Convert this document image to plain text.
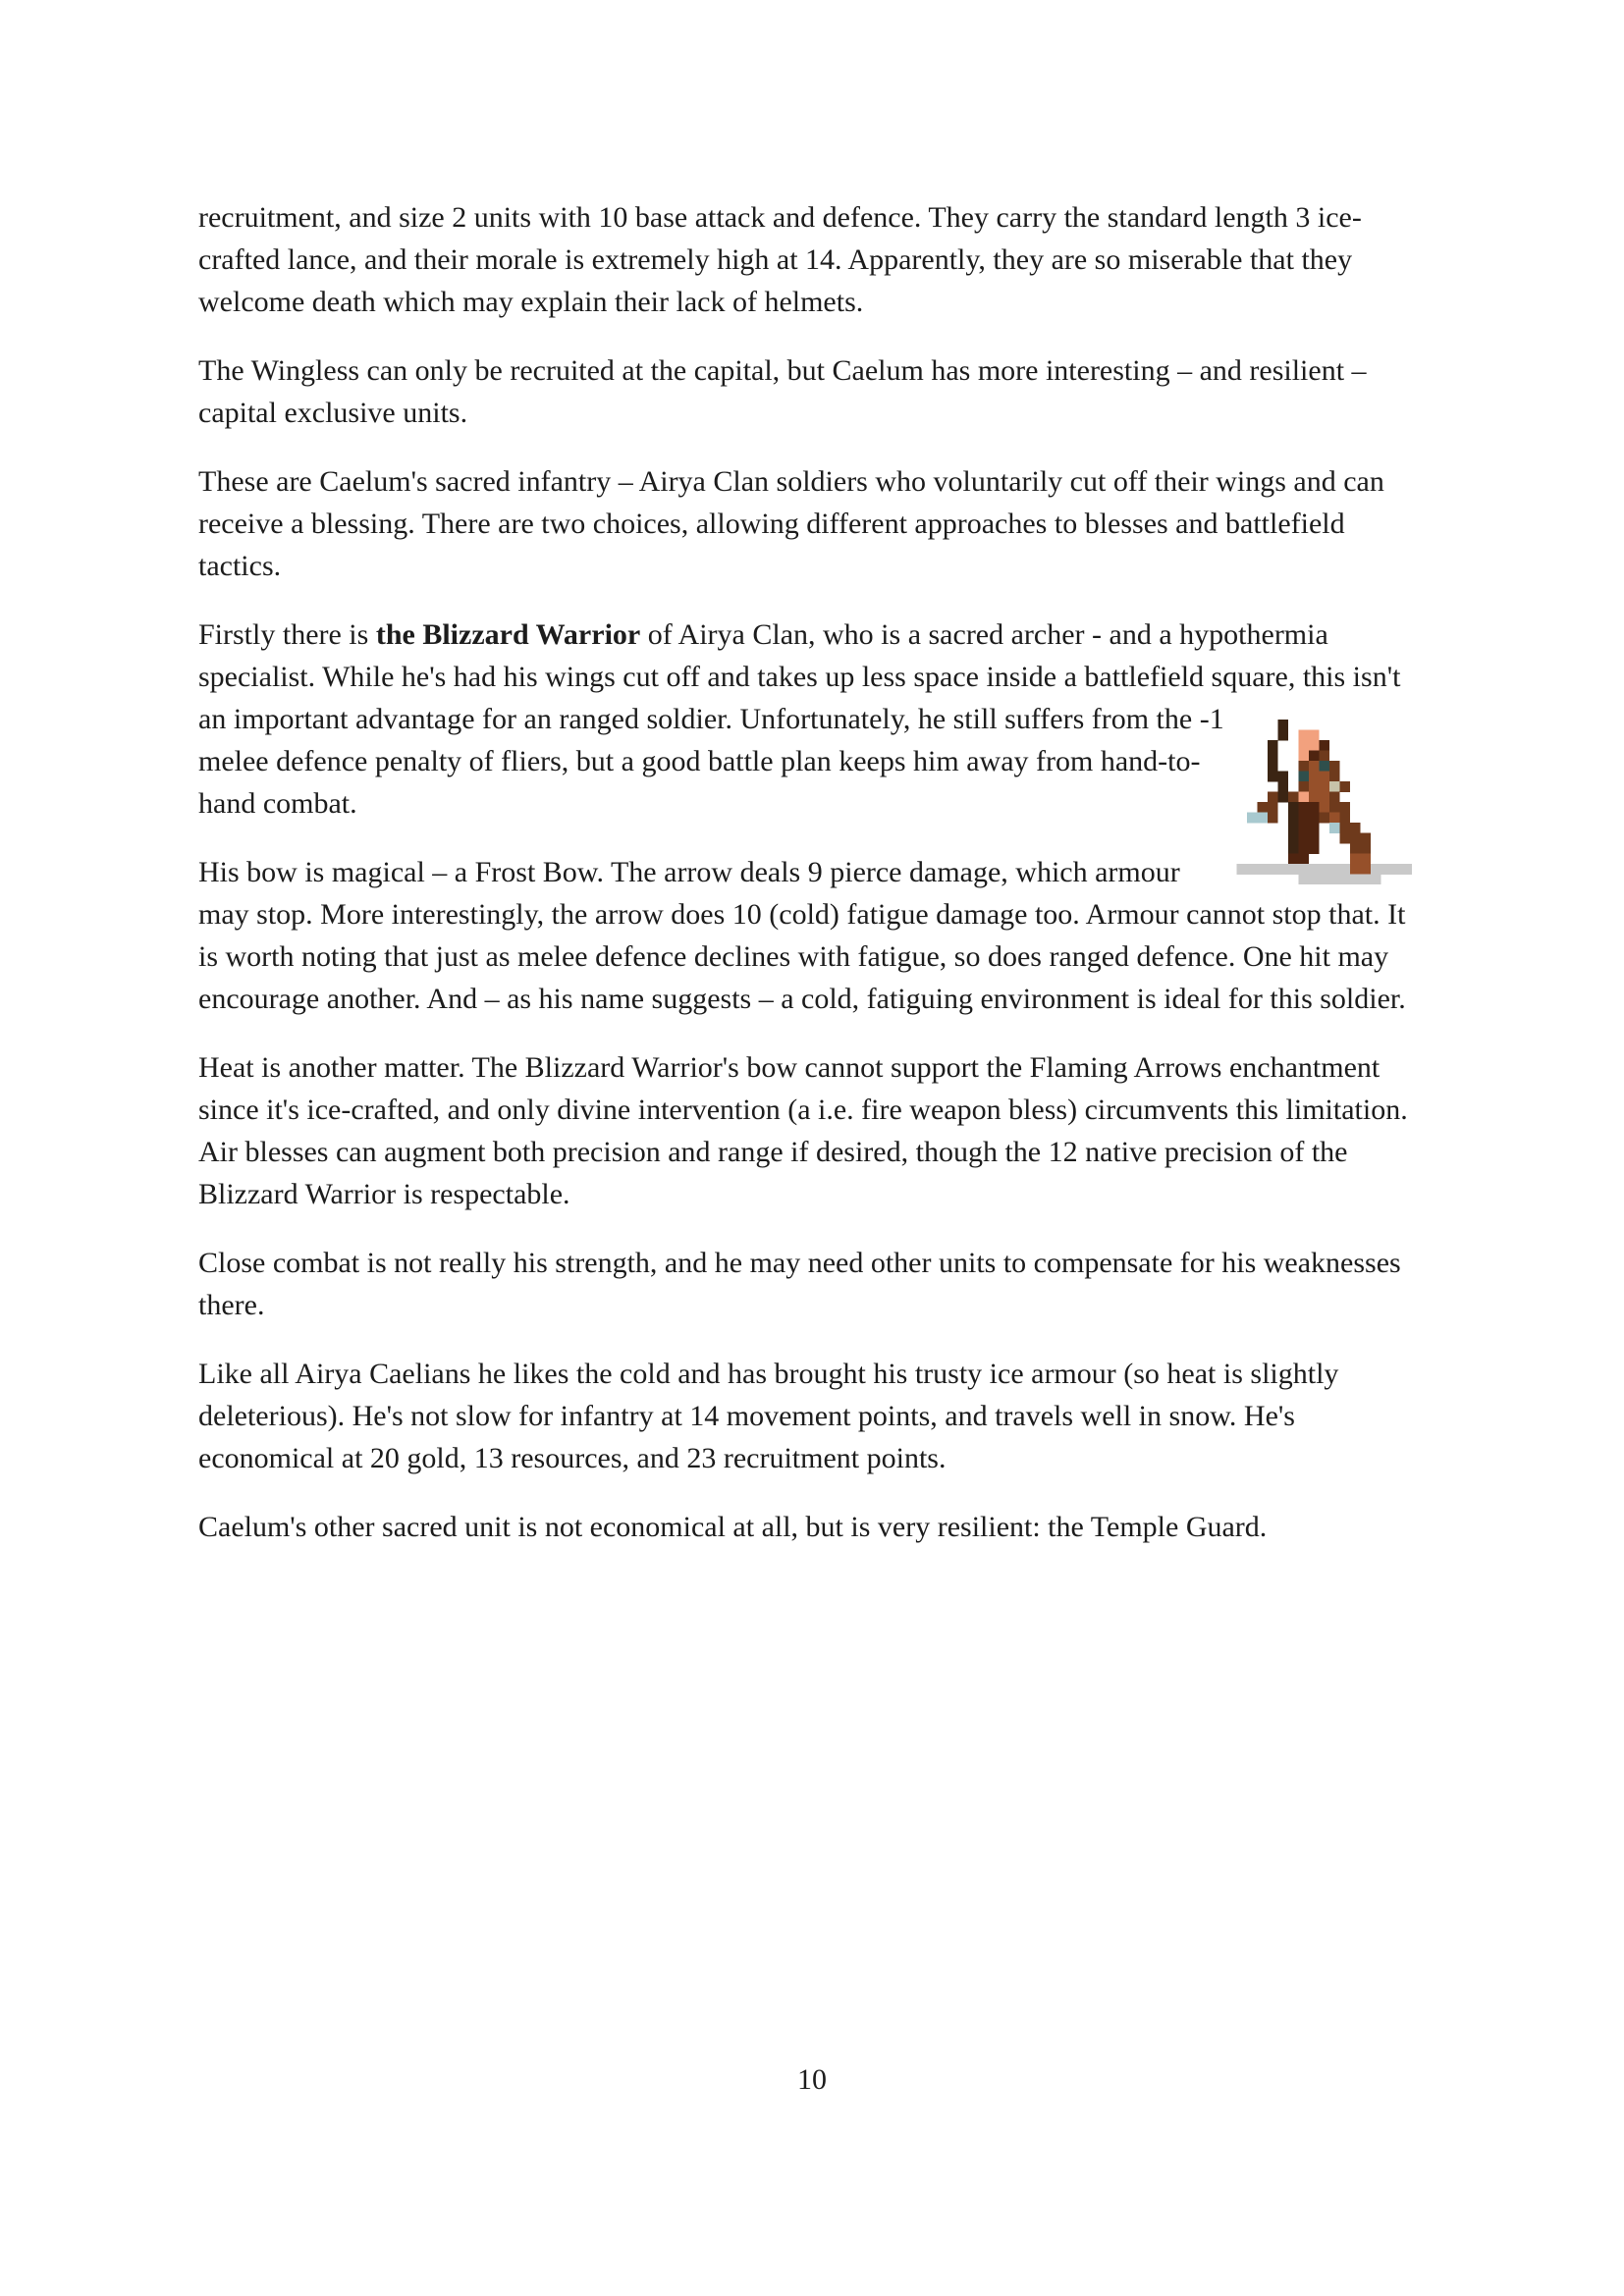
recruitment, and size 2 units with 10 base attack and defence. They carry the standard length 3 ice-crafted lance, and their morale is extremely high at 14. Apparently, they are so miserable that they welcome death which may explain their lack of helmets.

The Wingless can only be recruited at the capital, but Caelum has more interesting – and resilient – capital exclusive units.

These are Caelum's sacred infantry – Airya Clan soldiers who voluntarily cut off their wings and can receive a blessing. There are two choices, allowing different approaches to blesses and battlefield tactics.

Firstly there is the Blizzard Warrior of Airya Clan, who is a sacred archer - and a hypothermia specialist. While he's had his wings cut off and takes up less space inside a battlefield square, this isn't an important advantage for an ranged soldier.
Unfortunately, he still suffers from the -1 melee defence penalty of fliers, but a good battle plan keeps him away from hand-to-hand combat.

His bow is magical – a Frost Bow. The arrow deals 9 pierce damage, which armour may stop. More interestingly, the arrow does 10 (cold) fatigue damage too. Armour cannot stop that. It is worth noting that just as melee defence declines with fatigue, so does ranged defence. One hit may encourage another. And – as his name suggests – a cold, fatiguing environment is ideal for this soldier.

Heat is another matter. The Blizzard Warrior's bow cannot support the Flaming Arrows enchantment since it's ice-crafted, and only divine intervention (a i.e. fire weapon bless) circumvents this limitation. Air blesses can augment both precision and range if desired, though the 12 native precision of the Blizzard Warrior is respectable.

Close combat is not really his strength, and he may need other units to compensate for his weaknesses there.

Like all Airya Caelians he likes the cold and has brought his trusty ice armour (so heat is slightly deleterious). He's not slow for infantry at 14 movement points, and travels well in snow. He's economical at 20 gold, 13 resources, and 23 recruitment points.

Caelum's other sacred unit is not economical at all, but is very resilient: the Temple Guard.

10
